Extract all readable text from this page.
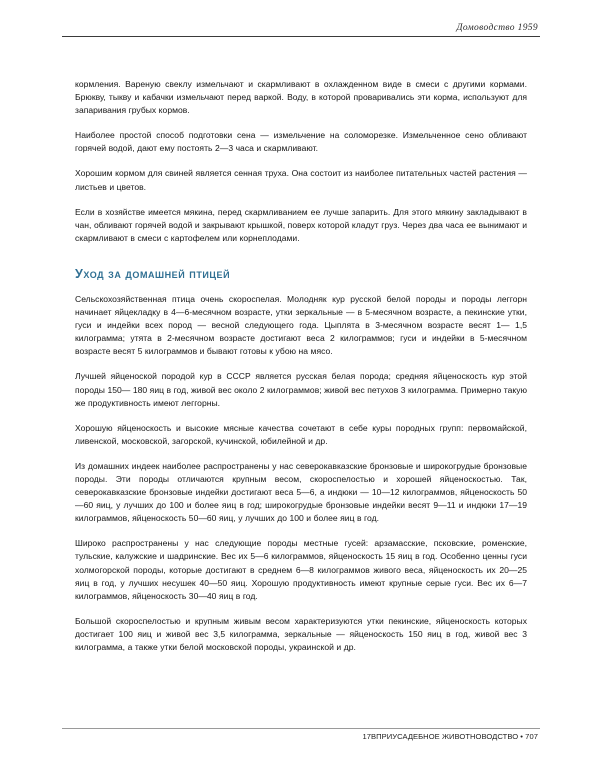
Домоводство 1959

кормления. Вареную свеклу измельчают и скармливают в охлажденном виде в смеси с другими кормами. Брюкву, тыкву и кабачки измельчают перед варкой. Воду, в которой проваривались эти корма, используют для запаривания грубых кормов.

Наиболее простой способ подготовки сена — измельчение на соломорезке. Измельченное сено обливают горячей водой, дают ему постоять 2—3 часа и скармливают.

Хорошим кормом для свиней является сенная труха. Она состоит из наиболее питательных частей растения — листьев и цветов.

Если в хозяйстве имеется мякина, перед скармливанием ее лучше запарить. Для этого мякину закладывают в чан, обливают горячей водой и закрывают крышкой, поверх которой кладут груз. Через два часа ее вынимают и скармливают в смеси с картофелем или корнеплодами.

Уход за домашней птицей

Сельскохозяйственная птица очень скороспелая. Молодняк кур русской белой породы и породы леггорн начинает яйцекладку в 4—6-месячном возрасте, утки зеркальные — в 5-месячном возрасте, а пекинские утки, гуси и индейки всех пород — весной следующего года. Цыплята в 3-месячном возрасте весят 1— 1,5 килограмма; утята в 2-месячном возрасте достигают веса 2 килограммов; гуси и индейки в 5-месячном возрасте весят 5 килограммов и бывают готовы к убою на мясо.

Лучшей яйценоской породой кур в СССР является русская белая порода; средняя яйценоскость кур этой породы 150— 180 яиц в год, живой вес около 2 килограммов; живой вес петухов 3 килограмма. Примерно такую же продуктивность имеют леггорны.

Хорошую яйценоскость и высокие мясные качества сочетают в себе куры породных групп: первомайской, ливенской, московской, загорской, кучинской, юбилейной и др.

Из домашних индеек наиболее распространены у нас северокавказские бронзовые и широкогрудые бронзовые породы. Эти породы отличаются крупным весом, скороспелостью и хорошей яйценоскостью. Так, северокавказские бронзовые индейки достигают веса 5—6, а индюки — 10—12 килограммов, яйценоскость 50—60 яиц, у лучших до 100 и более яиц в год; широкогрудые бронзовые индейки весят 9—11 и индюки 17—19 килограммов, яйценоскость 50—60 яиц, у лучших до 100 и более яиц в год.

Широко распространены у нас следующие породы местные гусей: арзамасские, псковские, роменские, тульские, калужские и шадринские. Вес их 5—6 килограммов, яйценоскость 15 яиц в год. Особенно ценны гуси холмогорской породы, которые достигают в среднем 6—8 килограммов живого веса, яйценоскость их 20—25 яиц в год, у лучших несушек 40—50 яиц. Хорошую продуктивность имеют крупные серые гуси. Вес их 6—7 килограммов, яйценоскость 30—40 яиц в год.

Большой скороспелостью и крупным живым весом характеризуются утки пекинские, яйценоскость которых достигает 100 яиц и живой вес 3,5 килограмма, зеркальные — яйценоскость 150 яиц в год, живой вес 3 килограмма, а также утки белой московской породы, украинской и др.

17ВПРИУСАДЕБНОЕ ЖИВОТНОВОДСТВО • 707
